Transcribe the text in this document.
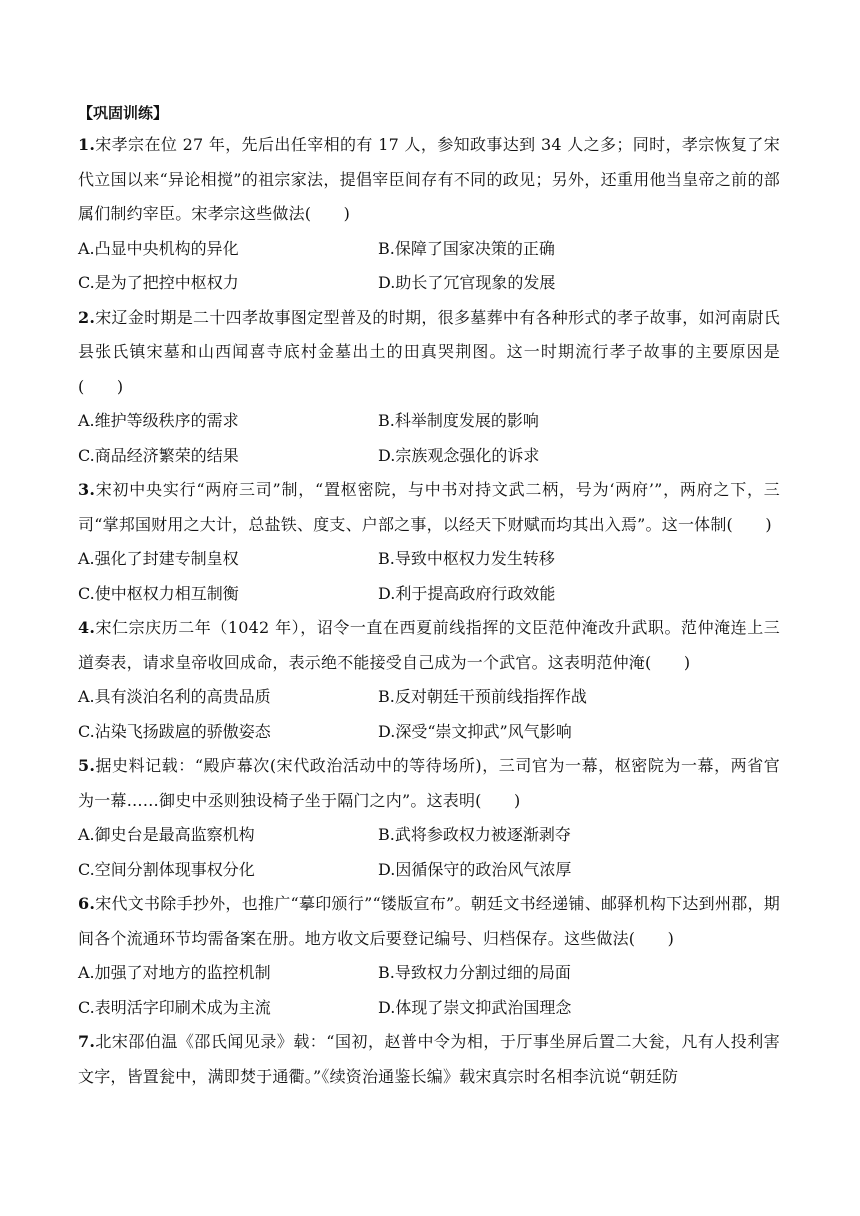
【巩固训练】
1.宋孝宗在位 27 年，先后出任宰相的有 17 人，参知政事达到 34 人之多；同时，孝宗恢复了宋代立国以来“异论相搅”的祖宗家法，提倡宰臣间存有不同的政见；另外，还重用他当皇帝之前的部属们制约宰臣。宋孝宗这些做法(　　)
A.凸显中央机构的异化	B.保障了国家决策的正确
C.是为了把控中枢权力	D.助长了冗官现象的发展
2.宋辽金时期是二十四孝故事图定型普及的时期，很多墓葬中有各种形式的孝子故事，如河南尉氏县张氏镇宋墓和山西闻喜寺底村金墓出土的田真哭荆图。这一时期流行孝子故事的主要原因是(　　)
A.维护等级秩序的需求	B.科举制度发展的影响
C.商品经济繁荣的结果	D.宗族观念强化的诉求
3.宋初中央实行“两府三司”制，“置枢密院，与中书对持文武二柄，号为‘两府’”，两府之下，三司“掌邦国财用之大计，总盐铁、度支、户部之事，以经天下财赋而均其出入焉”。这一体制(　　)
A.强化了封建专制皇权	B.导致中枢权力发生转移
C.使中枢权力相互制衡	D.利于提高政府行政效能
4.宋仁宗庆历二年（1042 年），诏令一直在西夏前线指挥的文臣范仲淹改升武职。范仲淹连上三道奏表，请求皇帝收回成命，表示绝不能接受自己成为一个武官。这表明范仲淹(　　)
A.具有淡泊名利的高贵品质	B.反对朝廷干预前线指挥作战
C.沾染飞扬跋扈的骄傲姿态	D.深受“崇文抑武”风气影响
5.据史料记载：“殿庐幕次(宋代政治活动中的等待场所)，三司官为一幕，枢密院为一幕，两省官为一幕……御史中丞则独设椅子坐于隔门之内”。这表明(　　)
A.御史台是最高监察机构	B.武将参政权力被逐渐剥夺
C.空间分割体现事权分化	D.因循保守的政治风气浓厚
6.宋代文书除手抄外，也推广“摹印颁行”“镂版宣布”。朝廷文书经递铺、邮驿机构下达到州郡，期间各个流通环节均需备案在册。地方收文后要登记编号、归档保存。这些做法(　　)
A.加强了对地方的监控机制	B.导致权力分割过细的局面
C.表明活字印刷术成为主流	D.体现了崇文抑武治国理念
7.北宋邵伯温《邵氏闻见录》载：“国初，赵普中令为相，于厅事坐屏后置二大瓮，凡有人投利害文字，皆置瓮中，满即焚于通衢。”《续资治通鉴长编》载宋真宗时名相李沆说“朝廷防
